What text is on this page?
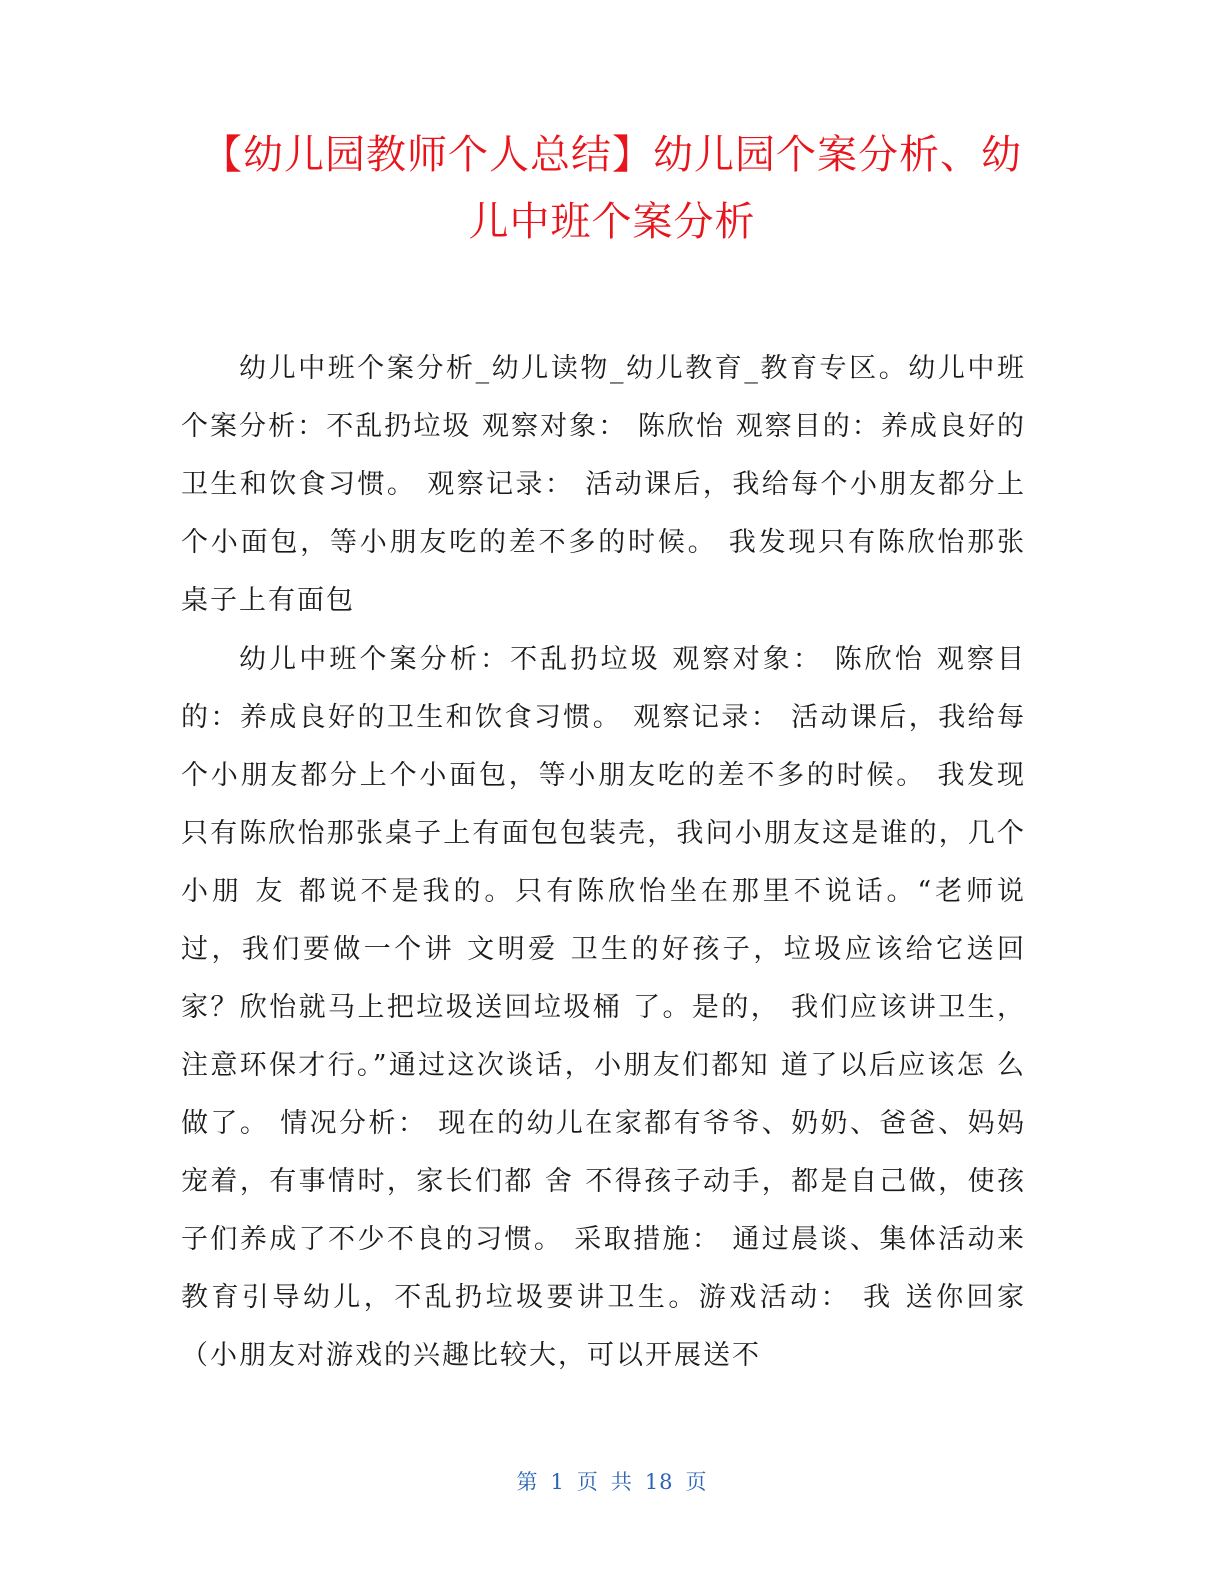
【幼儿园教师个人总结】幼儿园个案分析、幼
儿中班个案分析

幼儿中班个案分析_幼儿读物_幼儿教育_教育专区。幼儿中班个案分析：不乱扔垃圾 观察对象： 陈欣怡 观察目的：养成良好的卫生和饮食习惯。 观察记录： 活动课后，我给每个小朋友都分上个小面包，等小朋友吃的差不多的时候。 我发现只有陈欣怡那张桌子上有面包

幼儿中班个案分析：不乱扔垃圾 观察对象： 陈欣怡 观察目的：养成良好的卫生和饮食习惯。 观察记录： 活动课后，我给每个小朋友都分上个小面包，等小朋友吃的差不多的时候。 我发现只有陈欣怡那张桌子上有面包包装壳，我问小朋友这是谁的，几个小朋 友 都说不是我的。只有陈欣怡坐在那里不说话。“老师说过，我们要做一个讲 文明爱 卫生的好孩子，垃圾应该给它送回家？欣怡就马上把垃圾送回垃圾桶 了。是的， 我们应该讲卫生，注意环保才行。”通过这次谈话，小朋友们都知 道了以后应该怎 么做了。 情况分析： 现在的幼儿在家都有爷爷、奶奶、爸爸、妈妈宠着，有事情时，家长们都 舍 不得孩子动手，都是自己做，使孩子们养成了不少不良的习惯。 采取措施： 通过晨谈、集体活动来教育引导幼儿，不乱扔垃圾要讲卫生。游戏活动： 我 送你回家 （小朋友对游戏的兴趣比较大，可以开展送不

第 1 页 共 18 页
